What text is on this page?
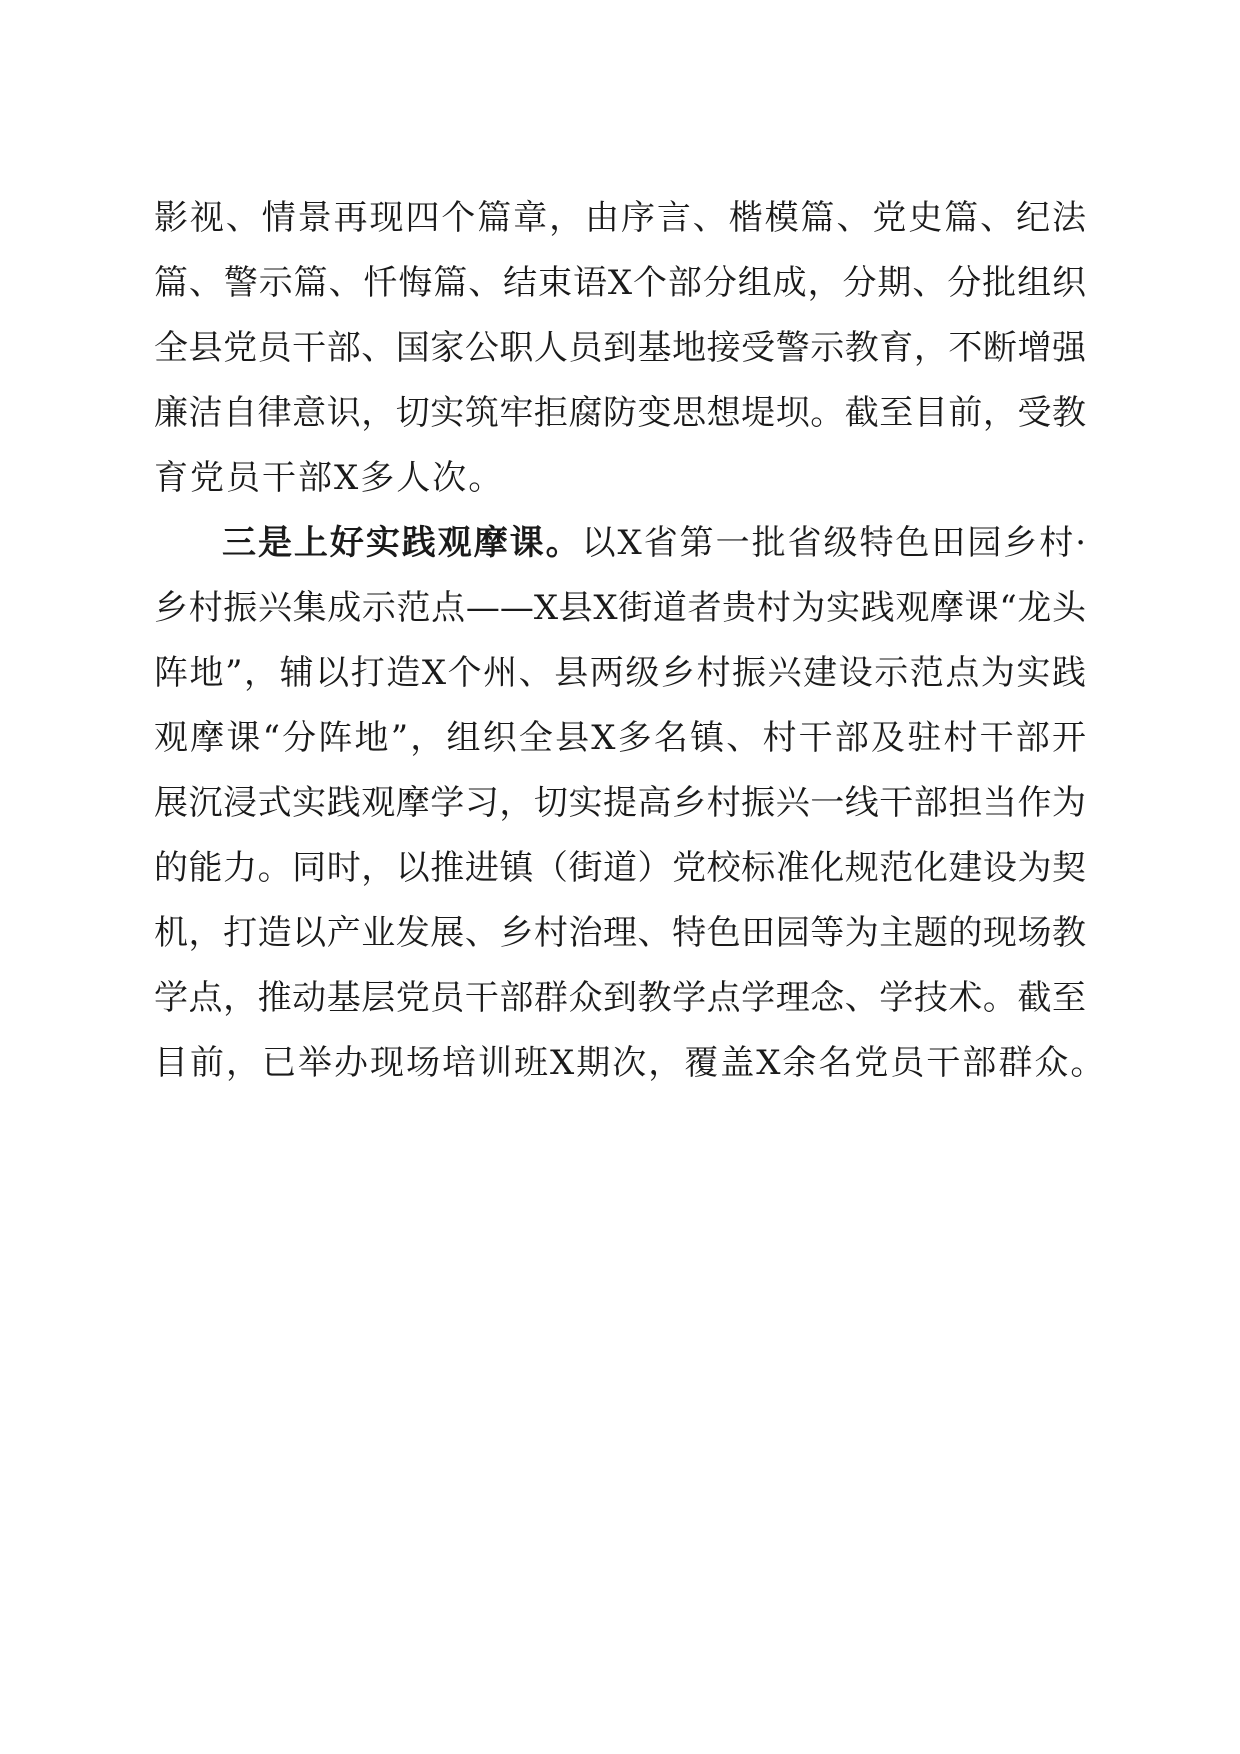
影视、情景再现四个篇章，由序言、楷模篇、党史篇、纪法
篇、警示篇、忏悔篇、结束语X个部分组成，分期、分批组织
全县党员干部、国家公职人员到基地接受警示教育，不断增强
廉洁自律意识，切实筑牢拒腐防变思想堤坝。截至目前，受教
育党员干部X多人次。
三是上好实践观摩课。以X省第一批省级特色田园乡村·
乡村振兴集成示范点——X县X街道者贵村为实践观摩课“龙头
阵地”，辅以打造X个州、县两级乡村振兴建设示范点为实践
观摩课“分阵地”，组织全县X多名镇、村干部及驻村干部开
展沉浸式实践观摩学习，切实提高乡村振兴一线干部担当作为
的能力。同时，以推进镇（街道）党校标准化规范化建设为契
机，打造以产业发展、乡村治理、特色田园等为主题的现场教
学点，推动基层党员干部群众到教学点学理念、学技术。截至
目前，已举办现场培训班X期次，覆盖X余名党员干部群众。
